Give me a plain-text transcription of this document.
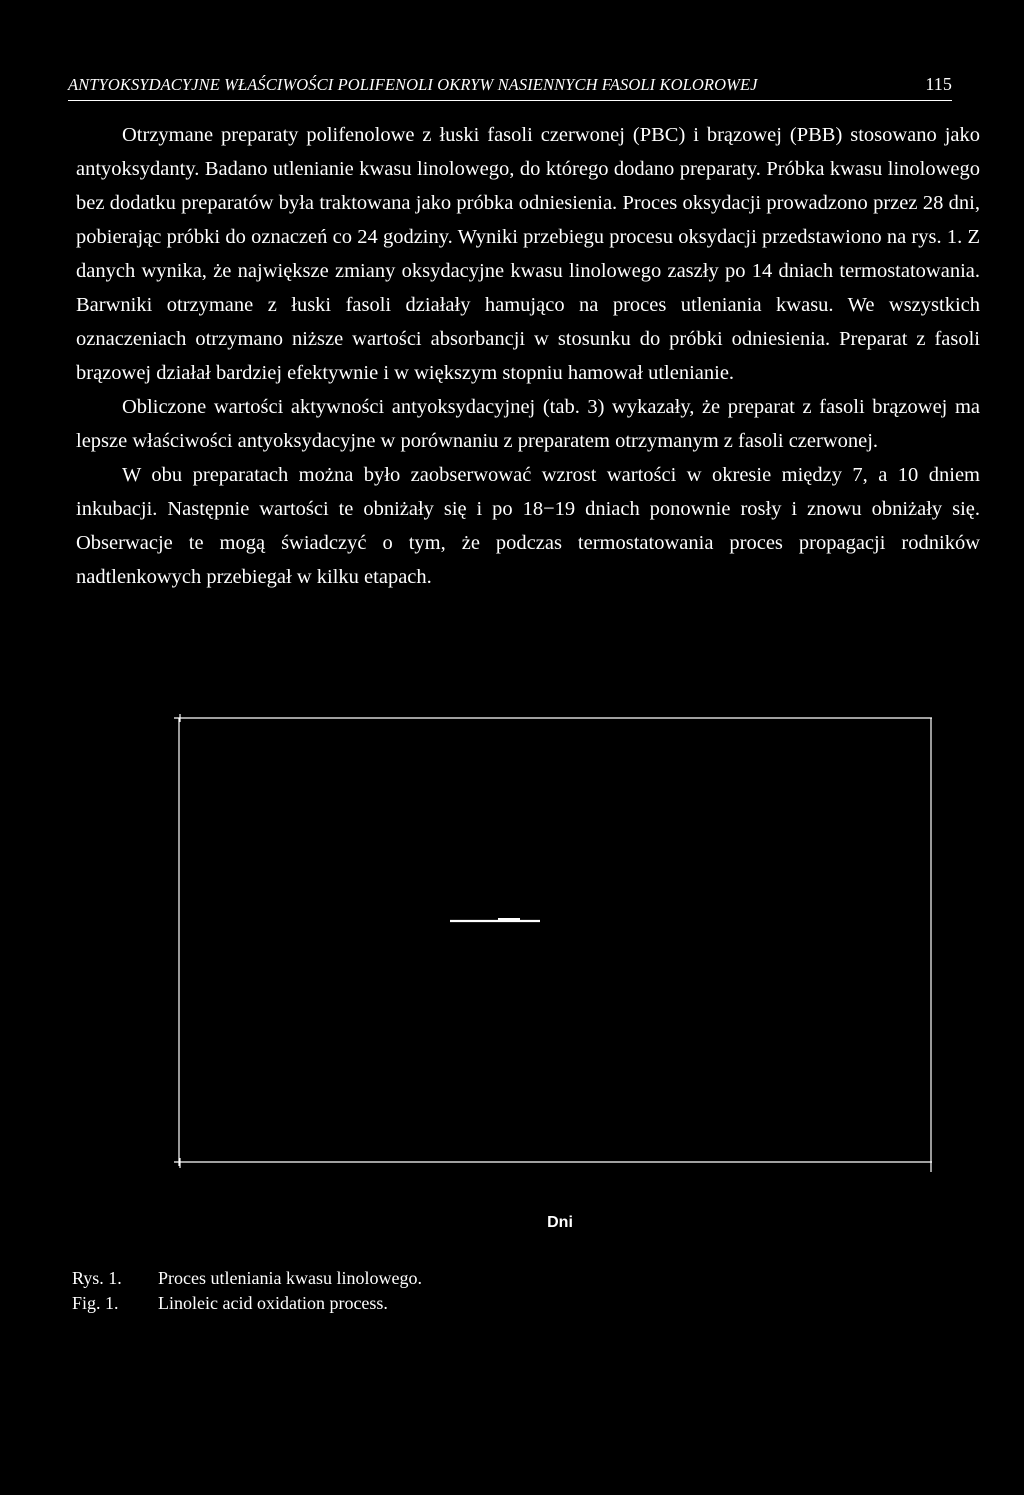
ANTYOKSYDACYJNE WŁAŚCIWOŚCI POLIFENOLI OKRYW NASIENNYCH FASOLI KOLOROWEJ	115

Otrzymane preparaty polifenolowe z łuski fasoli czerwonej (PBC) i brązowej (PBB) stosowano jako antyoksydanty. Badano utlenianie kwasu linolowego, do którego dodano preparaty. Próbka kwasu linolowego bez dodatku preparatów była traktowana jako próbka odniesienia. Proces oksydacji prowadzono przez 28 dni, pobierając próbki do oznaczeń co 24 godziny. Wyniki przebiegu procesu oksydacji przedstawiono na rys. 1. Z danych wynika, że największe zmiany oksydacyjne kwasu linolowego zaszły po 14 dniach termostatowania. Barwniki otrzymane z łuski fasoli działały hamująco na proces utleniania kwasu. We wszystkich oznaczeniach otrzymano niższe wartości absorbancji w stosunku do próbki odniesienia. Preparat z fasoli brązowej działał bardziej efektywnie i w większym stopniu hamował utlenianie.

Obliczone wartości aktywności antyoksydacyjnej (tab. 3) wykazały, że preparat z fasoli brązowej ma lepsze właściwości antyoksydacyjne w porównaniu z preparatem otrzymanym z fasoli czerwonej.

W obu preparatach można było zaobserwować wzrost wartości w okresie między 7, a 10 dniem inkubacji. Następnie wartości te obniżały się i po 18−19 dniach ponownie rosły i znowu obniżały się. Obserwacje te mogą świadczyć o tym, że podczas termostatowania proces propagacji rodników nadtlenkowych przebiegał w kilku etapach.

Dni
Rys. 1.	Proces utleniania kwasu linolowego.
Fig. 1.	Linoleic acid oxidation process.
